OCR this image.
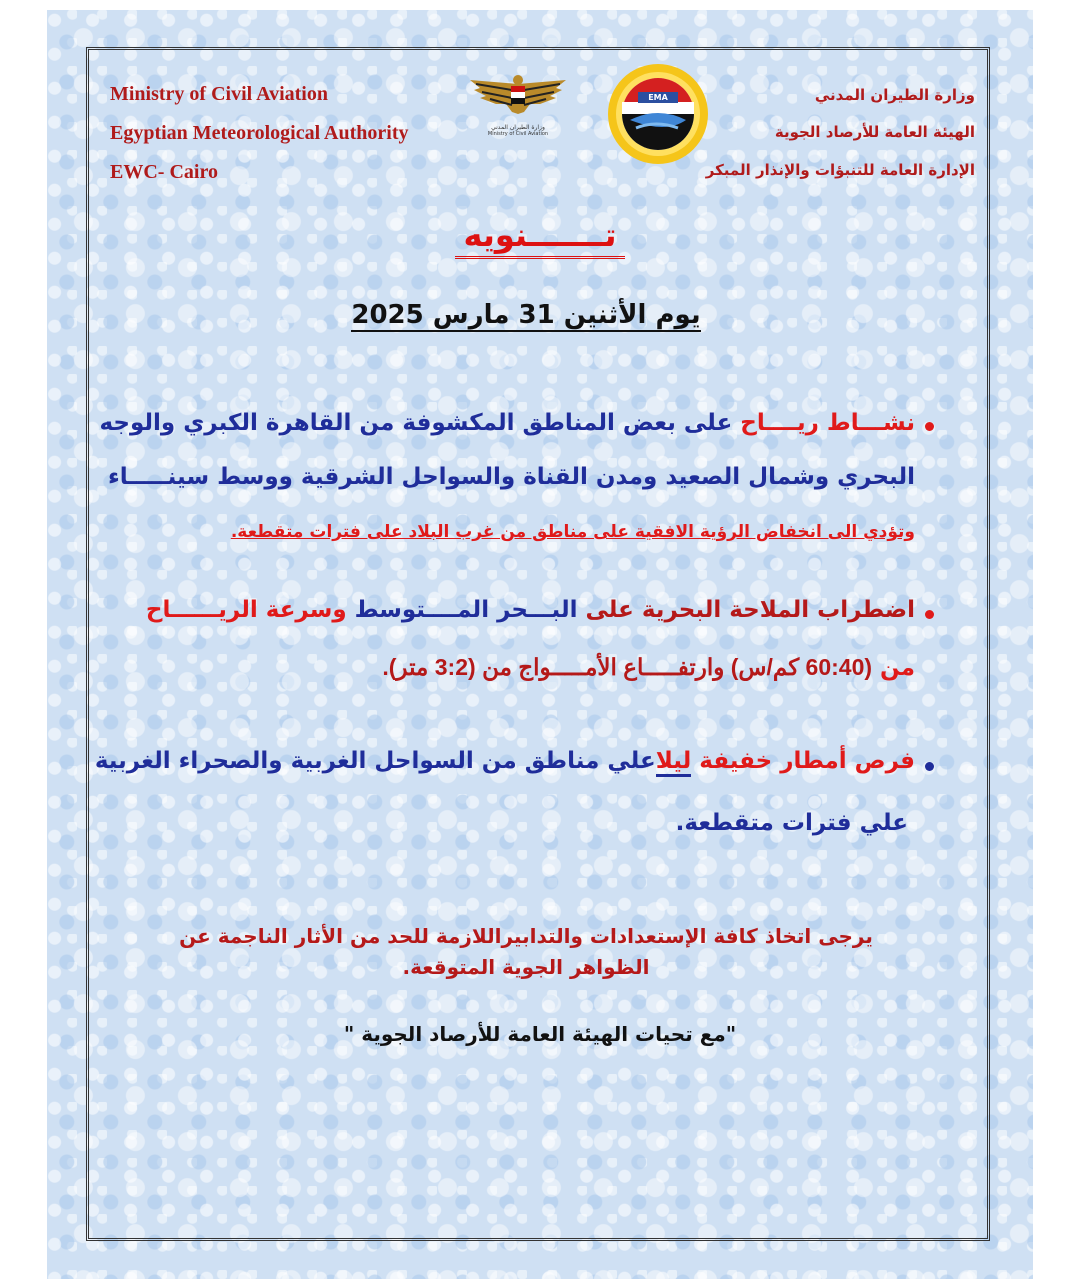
Ministry of Civil Aviation
Egyptian Meteorological Authority
EWC- Cairo
وزارة الطيران المدني
الهيئة العامة للأرصاد الجوية
الإدارة العامة للتنبؤات والإنذار المبكر
وزارة الطيران المدني
Ministry of Civil Aviation
EMA
تـــــــنويه
يوم الأثنين 31 مارس 2025
نشـــاط ريــــاح على بعض المناطق المكشوفة من القاهرة الكبري والوجه
البحري وشمال الصعيد ومدن القناة والسواحل الشرقية ووسط سينـــــاء
وتؤدي الى انخفاض الرؤية الافقية على مناطق من غرب البلاد على فترات متقطعة.
اضطراب الملاحة البحرية على البـــحر المــــتوسط وسرعة الريــــــاح
من (60:40 كم/س) وارتفـــــاع الأمـــــواج من (3:2 متر).
فرص أمطار خفيفة ليلاعلي مناطق من السواحل الغربية والصحراء الغربية
علي فترات متقطعة.
يرجى اتخاذ كافة الإستعدادات والتدابيراللازمة للحد من الأثار الناجمة عن
الظواهر الجوية المتوقعة.
"مع تحيات الهيئة العامة للأرصاد الجوية "
